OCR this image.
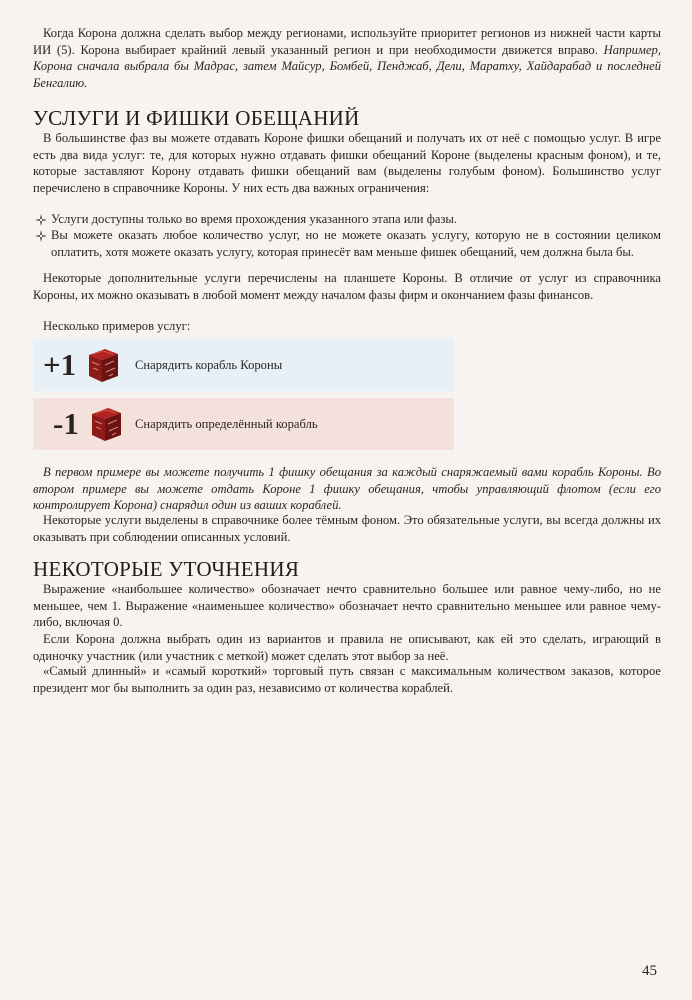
Когда Корона должна сделать выбор между регионами, используйте приоритет регионов из нижней части карты ИИ (5). Корона выбирает крайний левый указанный регион и при необходимости движется вправо. Например, Корона сначала выбрала бы Мадрас, затем Майсур, Бомбей, Пенджаб, Дели, Маратху, Хайдарабад и последней Бенгалию.
УСЛУГИ И ФИШКИ ОБЕЩАНИЙ
В большинстве фаз вы можете отдавать Короне фишки обещаний и получать их от неё с помощью услуг. В игре есть два вида услуг: те, для которых нужно отдавать фишки обещаний Короне (выделены красным фоном), и те, которые заставляют Корону отдавать фишки обещаний вам (выделены голубым фоном). Большинство услуг перечислено в справочнике Короны. У них есть два важных ограничения:
Услуги доступны только во время прохождения указанного этапа или фазы.
Вы можете оказать любое количество услуг, но не можете оказать услугу, которую не в состоянии целиком оплатить, хотя можете оказать услугу, которая принесёт вам меньше фишек обещаний, чем должна была бы.
Некоторые дополнительные услуги перечислены на планшете Короны. В отличие от услуг из справочника Короны, их можно оказывать в любой момент между началом фазы фирм и окончанием фазы финансов.
Несколько примеров услуг:
+1	Снарядить корабль Короны
-1	Снарядить определённый корабль
В первом примере вы можете получить 1 фишку обещания за каждый снаряжаемый вами корабль Короны. Во втором примере вы можете отдать Короне 1 фишку обещания, чтобы управляющий флотом (если его контролирует Корона) снарядил один из ваших кораблей.
Некоторые услуги выделены в справочнике более тёмным фоном. Это обязательные услуги, вы всегда должны их оказывать при соблюдении описанных условий.
НЕКОТОРЫЕ УТОЧНЕНИЯ
Выражение «наибольшее количество» обозначает нечто сравнительно большее или равное чему-либо, но не меньшее, чем 1. Выражение «наименьшее количество» обозначает нечто сравнительно меньшее или равное чему-либо, включая 0.
Если Корона должна выбрать один из вариантов и правила не описывают, как ей это сделать, играющий в одиночку участник (или участник с меткой) может сделать этот выбор за неё.
«Самый длинный» и «самый короткий» торговый путь связан с максимальным количеством заказов, которое президент мог бы выполнить за один раз, независимо от количества кораблей.
45
